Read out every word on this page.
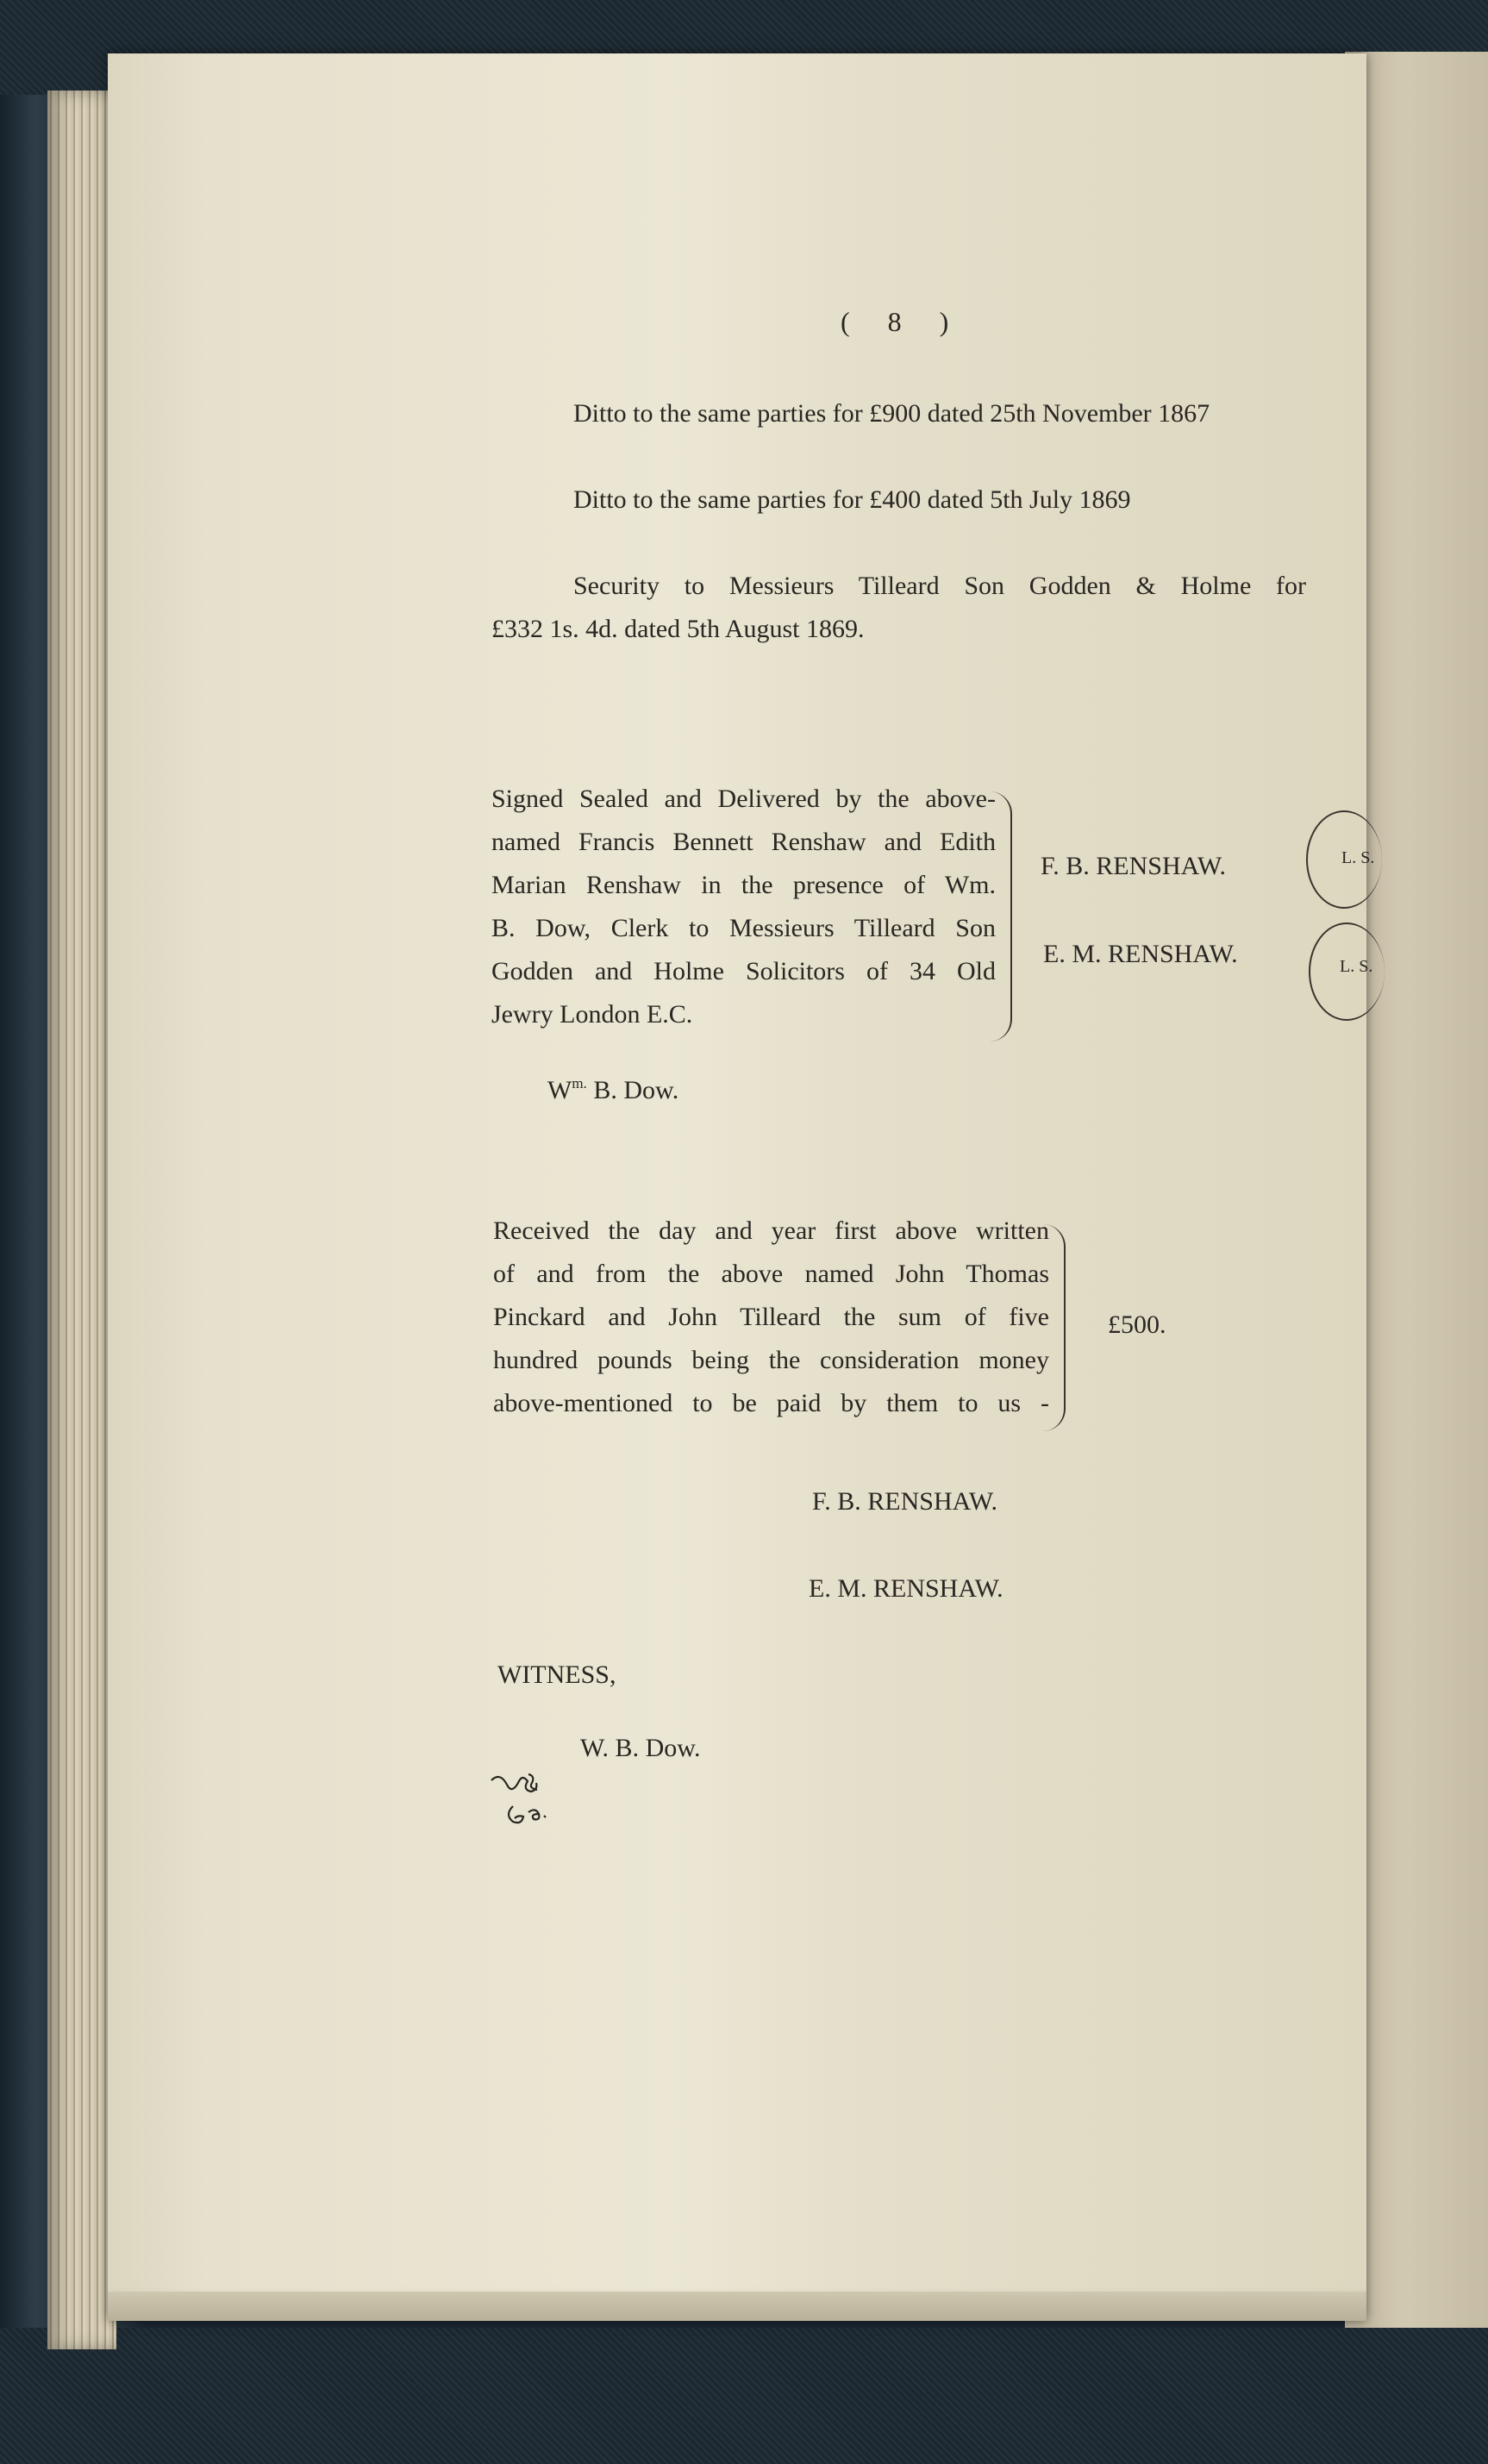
( 8 )
Ditto to the same parties for £900 dated 25th November 1867
Ditto to the same parties for £400 dated 5th July 1869
Security to Messieurs Tilleard Son Godden & Holme for
£332 1s. 4d. dated 5th August 1869.
Signed Sealed and Delivered by the above-
named Francis Bennett Renshaw and Edith
Marian Renshaw in the presence of Wm.
B. Dow, Clerk to Messieurs Tilleard Son
Godden and Holme Solicitors of 34 Old
Jewry London E.C.
F. B. RENSHAW.
E. M. RENSHAW.
L. S.
L. S.
$W^{m.}$ B. Dow.
Received the day and year first above written
of and from the above named John Thomas
Pinckard and John Tilleard the sum of five
hundred pounds being the consideration money
above-mentioned to be paid by them to us -
£500.
F. B. RENSHAW.
E. M. RENSHAW.
WITNESS,
W. B. Dow.
